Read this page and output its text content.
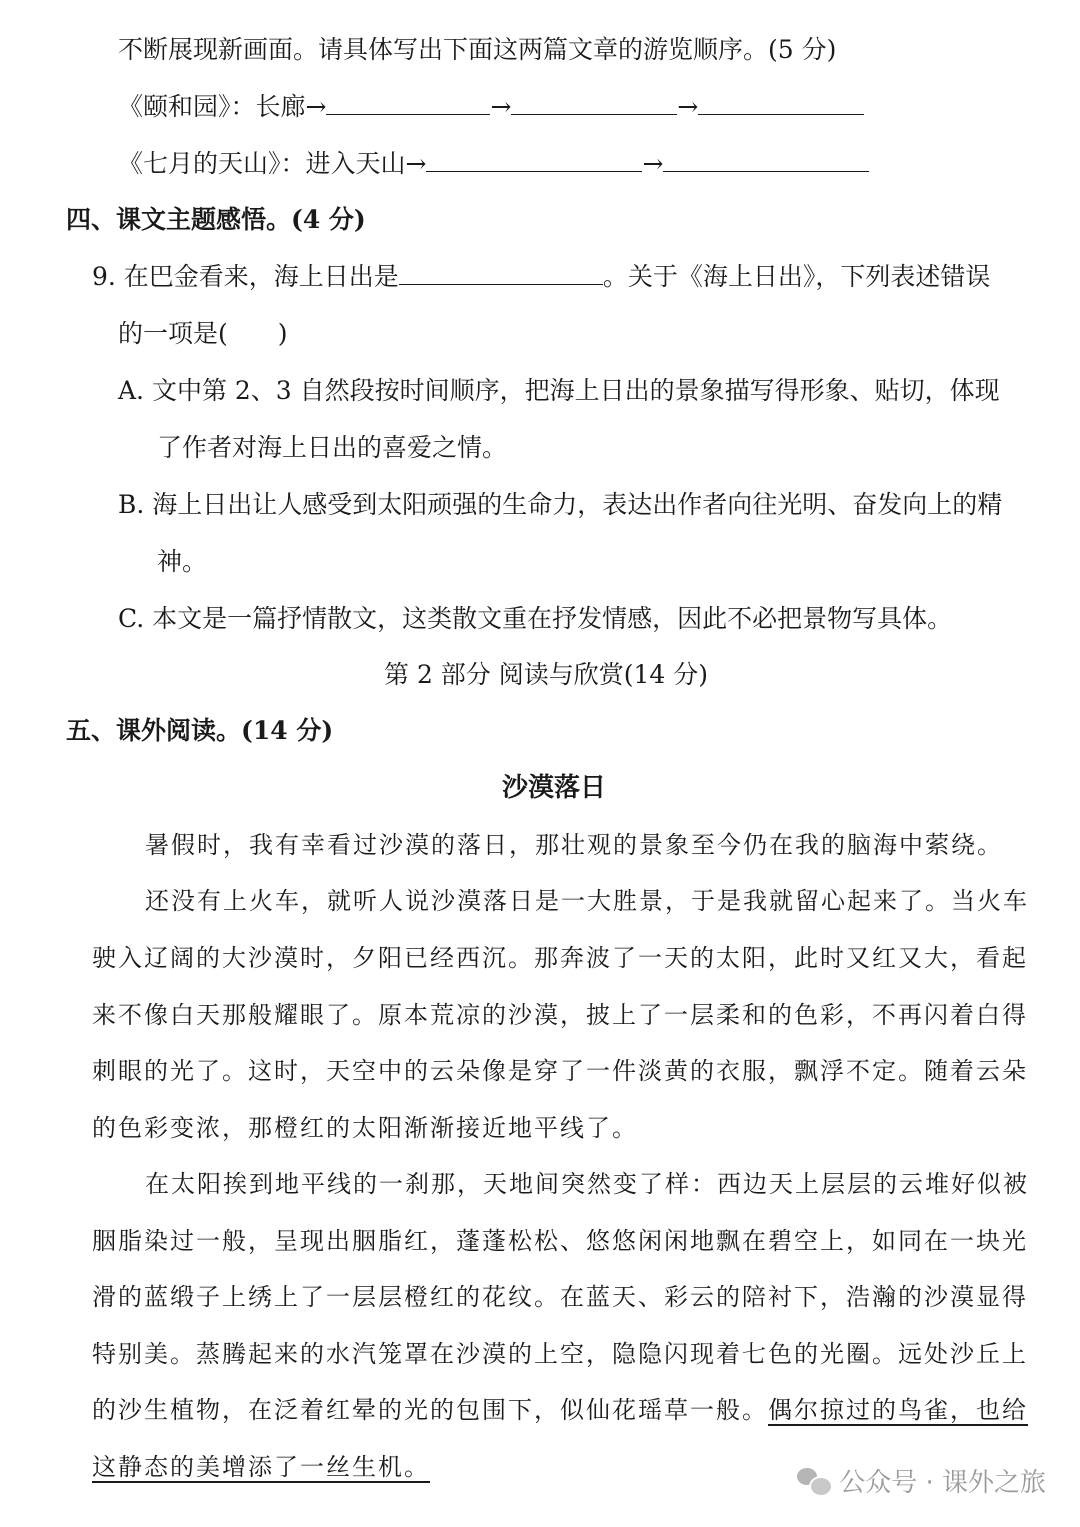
不断展现新画面。请具体写出下面这两篇文章的游览顺序。(5 分)
《颐和园》：长廊→	→	→
《七月的天山》：进入天山→	→
四、课文主题感悟。(4 分)
9. 在巴金看来，海上日出是	。关于《海上日出》，下列表述错误
的一项是( )
A. 文中第 2、3 自然段按时间顺序，把海上日出的景象描写得形象、贴切，体现
了作者对海上日出的喜爱之情。
B. 海上日出让人感受到太阳顽强的生命力，表达出作者向往光明、奋发向上的精
神。
C. 本文是一篇抒情散文，这类散文重在抒发情感，因此不必把景物写具体。
第 2 部分 阅读与欣赏(14 分)
五、课外阅读。(14 分)
沙漠落日
暑假时，我有幸看过沙漠的落日，那壮观的景象至今仍在我的脑海中萦绕。
还没有上火车，就听人说沙漠落日是一大胜景，于是我就留心起来了。当火车
驶入辽阔的大沙漠时，夕阳已经西沉。那奔波了一天的太阳，此时又红又大，看起
来不像白天那般耀眼了。原本荒凉的沙漠，披上了一层柔和的色彩，不再闪着白得
刺眼的光了。这时，天空中的云朵像是穿了一件淡黄的衣服，飘浮不定。随着云朵
的色彩变浓，那橙红的太阳渐渐接近地平线了。
在太阳挨到地平线的一刹那，天地间突然变了样：西边天上层层的云堆好似被
胭脂染过一般，呈现出胭脂红，蓬蓬松松、悠悠闲闲地飘在碧空上，如同在一块光
滑的蓝缎子上绣上了一层层橙红的花纹。在蓝天、彩云的陪衬下，浩瀚的沙漠显得
特别美。蒸腾起来的水汽笼罩在沙漠的上空，隐隐闪现着七色的光圈。远处沙丘上
的沙生植物，在泛着红晕的光的包围下，似仙花瑶草一般。偶尔掠过的鸟雀，也给
这静态的美增添了一丝生机。
公众号 · 课外之旅
